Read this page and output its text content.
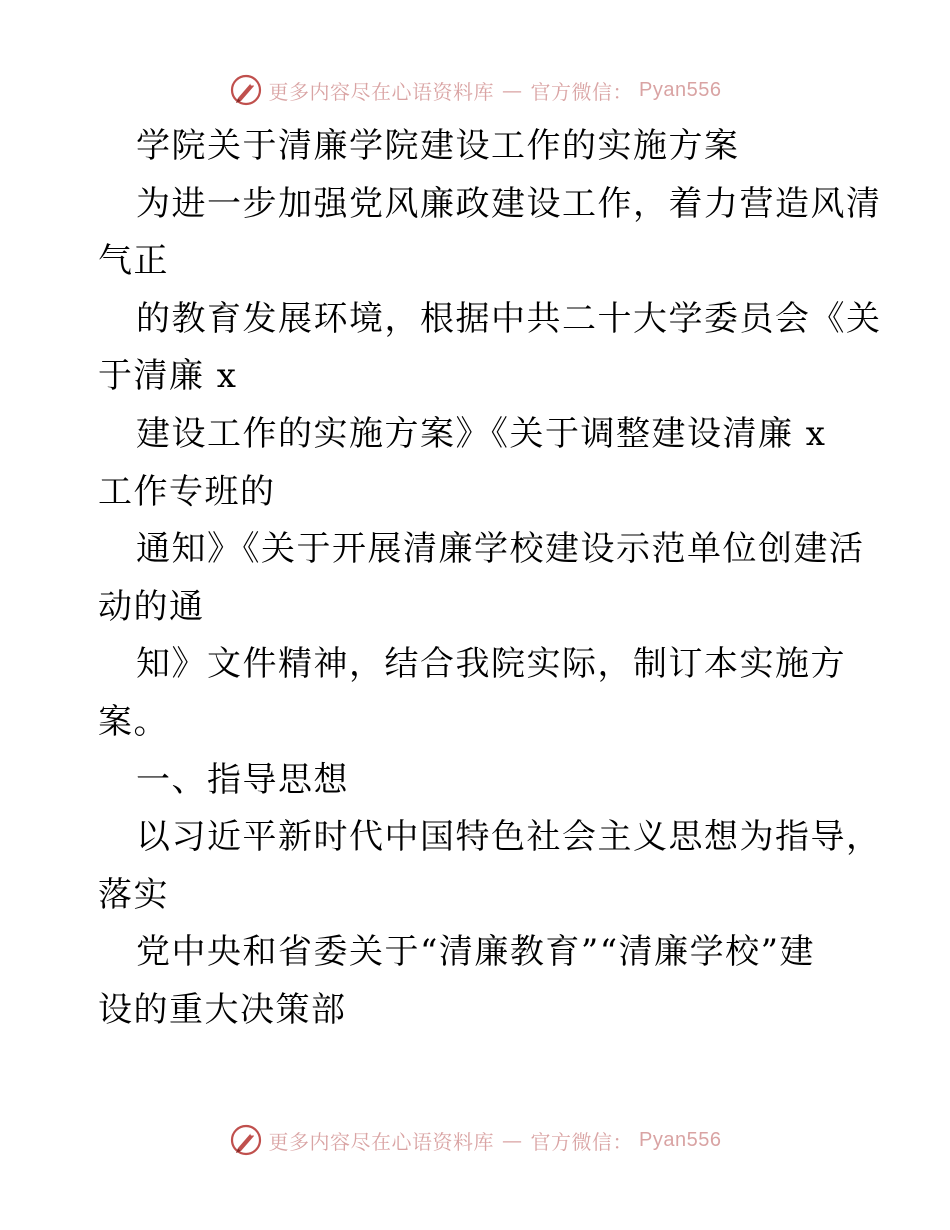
更多内容尽在心语资料库 — 官方微信： Pyan556
学院关于清廉学院建设工作的实施方案
为进一步加强党风廉政建设工作，着力营造风清
气正
的教育发展环境，根据中共二十大学委员会《关
于清廉 x
建设工作的实施方案》《关于调整建设清廉 x
工作专班的
通知》《关于开展清廉学校建设示范单位创建活
动的通
知》文件精神，结合我院实际，制订本实施方
案。
一、指导思想
以习近平新时代中国特色社会主义思想为指导，
落实
党中央和省委关于“清廉教育”“清廉学校”建
设的重大决策部
更多内容尽在心语资料库 — 官方微信： Pyan556
